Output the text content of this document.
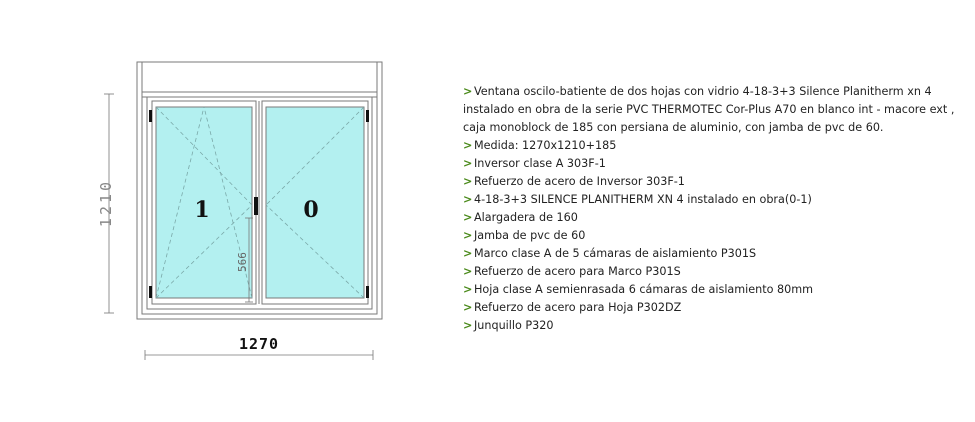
566
1	0
1210
1270
> Ventana oscilo-batiente de dos hojas con vidrio 4-18-3+3 Silence Planitherm xn 4
instalado en obra de la serie PVC THERMOTEC Cor-Plus A70 en blanco int - macore ext ,
caja monoblock de 185 con persiana de aluminio, con jamba de pvc de 60.
> Medida: 1270x1210+185
> Inversor clase A 303F-1
> Refuerzo de acero de Inversor 303F-1
> 4-18-3+3 SILENCE PLANITHERM XN 4 instalado en obra(0-1)
> Alargadera de 160
> Jamba de pvc de 60
> Marco clase A de 5 cámaras de aislamiento P301S
> Refuerzo de acero para Marco P301S
> Hoja clase A semienrasada 6 cámaras de aislamiento 80mm
> Refuerzo de acero para Hoja P302DZ
> Junquillo P320
